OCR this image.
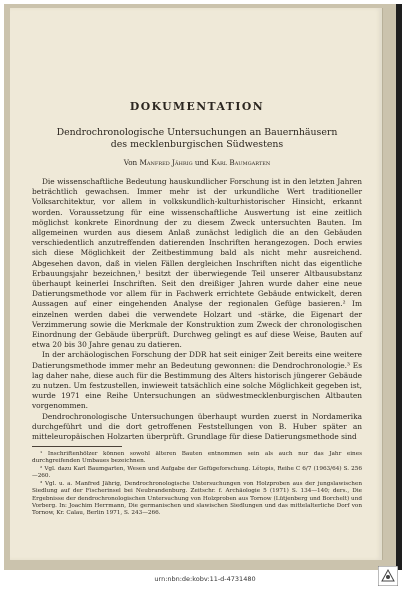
DOKUMENTATION
Dendrochronologische Untersuchungen an Bauernhäusern
des mecklenburgischen Südwestens
Von Manfred Jährig und Karl Baumgarten

Die wissenschaftliche Bedeutung hauskundlicher Forschung ist in den letzten Jahren beträchtlich gewachsen. Immer mehr ist der urkundliche Wert traditioneller Volksarchitektur, vor allem in volkskundlich-kulturhistorischer Hinsicht, erkannt worden. Voraussetzung für eine wissenschaftliche Auswertung ist eine zeitlich möglichst konkrete Einordnung der zu diesem Zweck untersuchten Bauten. Im allgemeinen wurden aus diesem Anlaß zunächst lediglich die an den Gebäuden verschiedentlich anzutreffenden datierenden Inschriften herangezogen. Doch erwies sich diese Möglichkeit der Zeitbestimmung bald als nicht mehr ausreichend. Abgesehen davon, daß in vielen Fällen dergleichen Inschriften nicht das eigentliche Erbauungsjahr bezeichnen,¹ besitzt der überwiegende Teil unserer Altbausubstanz überhaupt keinerlei Inschriften. Seit den dreißiger Jahren wurde daher eine neue Datierungsmethode vor allem für in Fachwerk errichtete Gebäude entwickelt, deren Aussagen auf einer eingehenden Analyse der regionalen Gefüge basieren.² Im einzelnen werden dabei die verwendete Holzart und -stärke, die Eigenart der Verzimmerung sowie die Merkmale der Konstruktion zum Zweck der chronologischen Einordnung der Gebäude überprüft. Durchweg gelingt es auf diese Weise, Bauten auf etwa 20 bis 30 Jahre genau zu datieren.

In der archäologischen Forschung der DDR hat seit einiger Zeit bereits eine weitere Datierungsmethode immer mehr an Bedeutung gewonnen: die Dendrochronologie.³ Es lag daher nahe, diese auch für die Bestimmung des Alters historisch jüngerer Gebäude zu nutzen. Um festzustellen, inwieweit tatsächlich eine solche Möglichkeit gegeben ist, wurde 1971 eine Reihe Untersuchungen an südwestmecklenburgischen Altbauten vorgenommen.

Dendrochronologische Untersuchungen überhaupt wurden zuerst in Nordamerika durchgeführt und die dort getroffenen Feststellungen von B. Huber später an mitteleuropäischen Holzarten überprüft. Grundlage für diese Datierungsmethode sind

¹ Inschriftenhölzer können sowohl älteren Bauten entnommen sein als auch nur das Jahr eines durchgreifenden Umbaues bezeichnen.

² Vgl. dazu Karl Baumgarten, Wesen und Aufgabe der Gefügeforschung. Létopis, Reihe C 6/7 (1963/64) S. 256—260.

³ Vgl. u. a. Manfred Jährig, Dendrochronologische Untersuchungen von Holzproben aus der jungslawischen Siedlung auf der Fischerinsel bei Neubrandenburg. Zeitschr. f. Archäologie 5 (1971) S. 134—140; ders., Die Ergebnisse der dendrochronologischen Untersuchung von Holzproben aus Tornow (Lütjenberg und Borchelt) und Vorberg. In: Joachim Herrmann, Die germanischen und slawischen Siedlungen und das mittelalterliche Dorf von Tornow, Kr. Calau, Berlin 1971, S. 243—266.

urn:nbn:de:kobv:11-d-4731480
